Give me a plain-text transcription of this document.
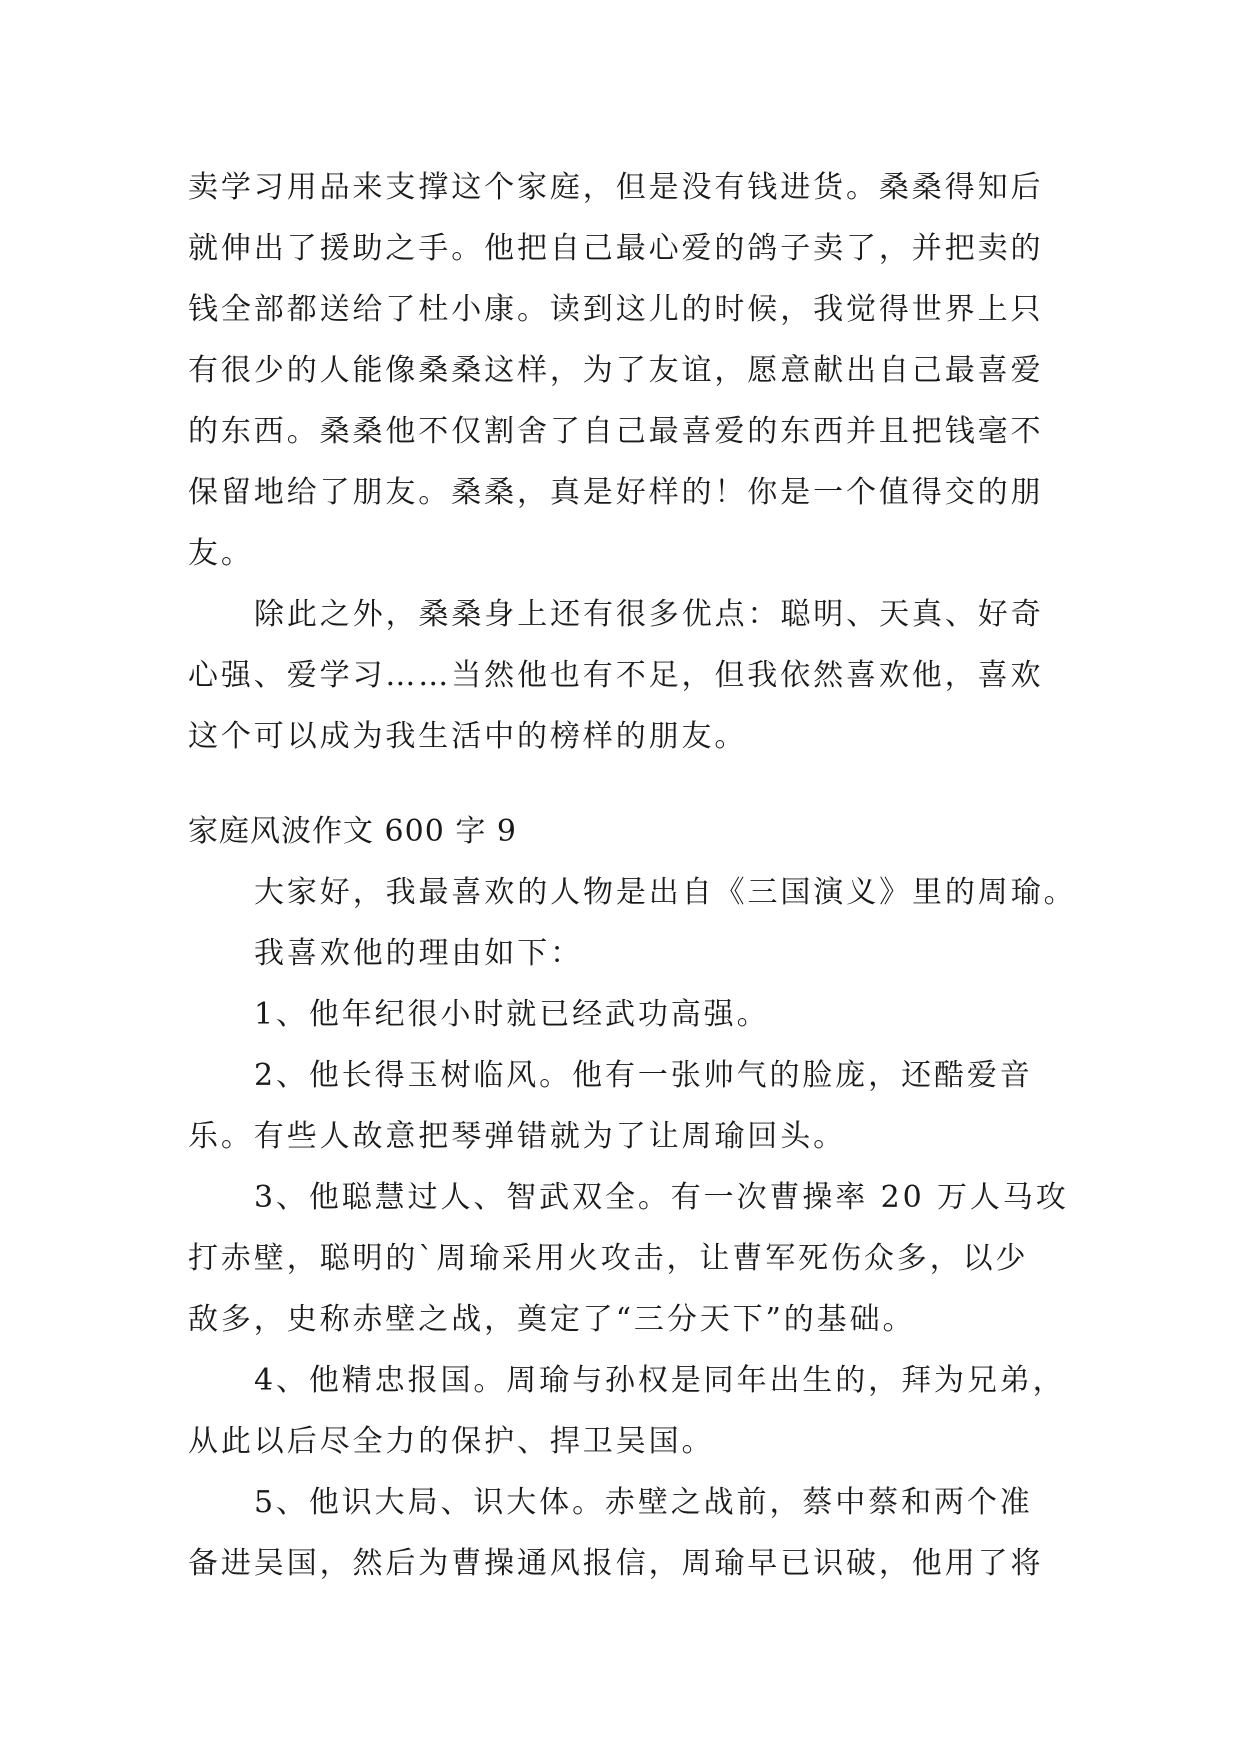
卖学习用品来支撑这个家庭，但是没有钱进货。桑桑得知后
就伸出了援助之手。他把自己最心爱的鸽子卖了，并把卖的
钱全部都送给了杜小康。读到这儿的时候，我觉得世界上只
有很少的人能像桑桑这样，为了友谊，愿意献出自己最喜爱
的东西。桑桑他不仅割舍了自己最喜爱的东西并且把钱毫不
保留地给了朋友。桑桑，真是好样的！你是一个值得交的朋
友。
除此之外，桑桑身上还有很多优点：聪明、天真、好奇
心强、爱学习……当然他也有不足，但我依然喜欢他，喜欢
这个可以成为我生活中的榜样的朋友。
家庭风波作文 600 字 9
大家好，我最喜欢的人物是出自《三国演义》里的周瑜。
我喜欢他的理由如下：
1、他年纪很小时就已经武功高强。
2、他长得玉树临风。他有一张帅气的脸庞，还酷爱音
乐。有些人故意把琴弹错就为了让周瑜回头。
3、他聪慧过人、智武双全。有一次曹操率 20 万人马攻
打赤壁，聪明的`周瑜采用火攻击，让曹军死伤众多，以少
敌多，史称赤壁之战，奠定了“三分天下”的基础。
4、他精忠报国。周瑜与孙权是同年出生的，拜为兄弟，
从此以后尽全力的保护、捍卫吴国。
5、他识大局、识大体。赤壁之战前，蔡中蔡和两个准
备进吴国，然后为曹操通风报信，周瑜早已识破，他用了将
